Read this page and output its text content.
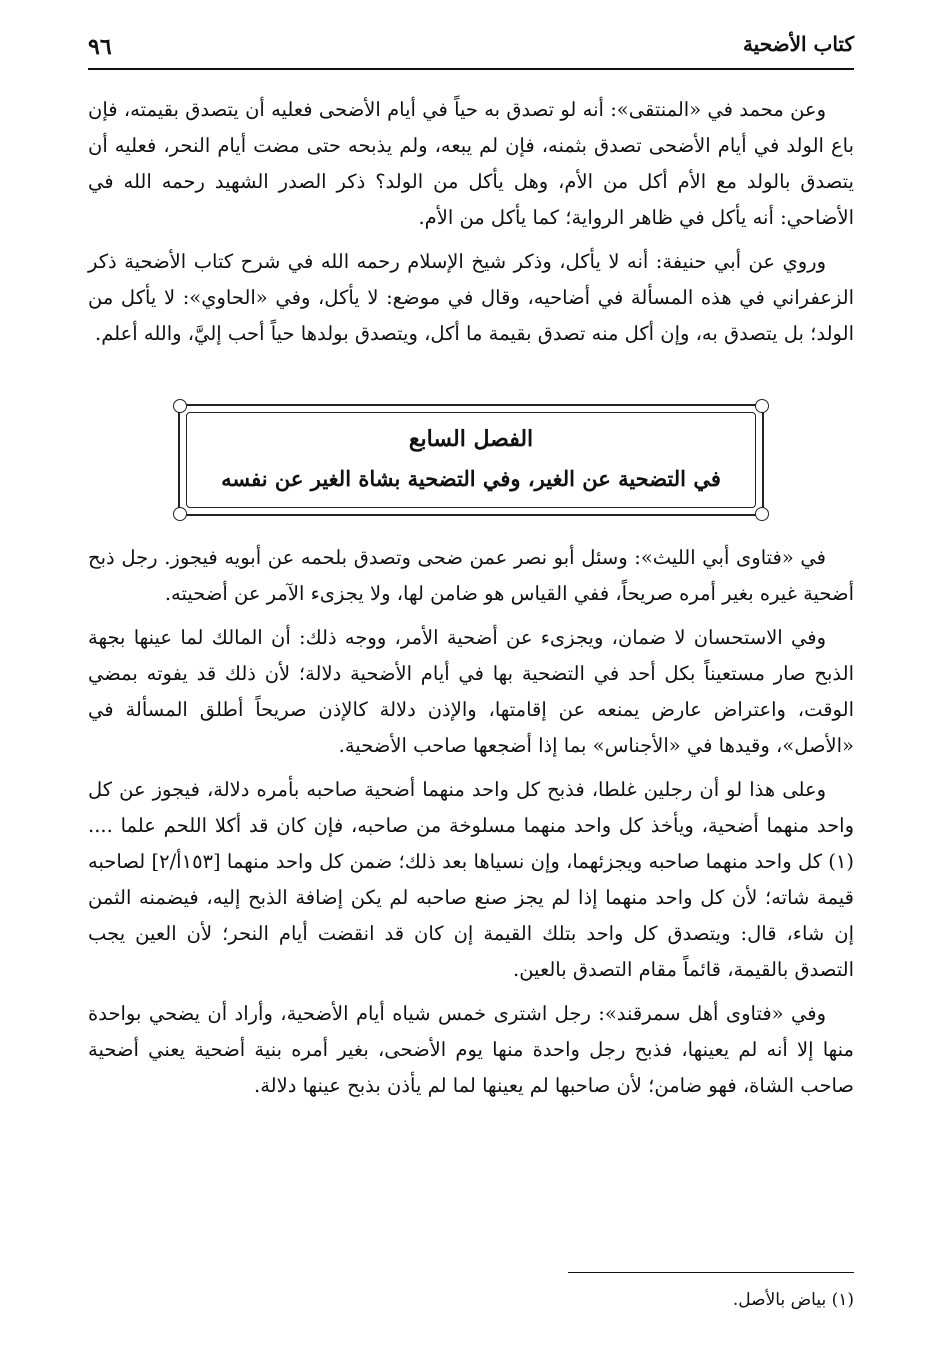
كتاب الأضحية
٩٦

وعن محمد في «المنتقى»: أنه لو تصدق به حياً في أيام الأضحى فعليه أن يتصدق بقيمته، فإن باع الولد في أيام الأضحى تصدق بثمنه، فإن لم يبعه، ولم يذبحه حتى مضت أيام النحر، فعليه أن يتصدق بالولد مع الأم أكل من الأم، وهل يأكل من الولد؟ ذكر الصدر الشهيد رحمه الله في الأضاحي: أنه يأكل في ظاهر الرواية؛ كما يأكل من الأم.

وروي عن أبي حنيفة: أنه لا يأكل، وذكر شيخ الإسلام رحمه الله في شرح كتاب الأضحية ذكر الزعفراني في هذه المسألة في أضاحيه، وقال في موضع: لا يأكل، وفي «الحاوي»: لا يأكل من الولد؛ بل يتصدق به، وإن أكل منه تصدق بقيمة ما أكل، ويتصدق بولدها حياً أحب إليَّ، والله أعلم.

الفصل السابع
في التضحية عن الغير، وفي التضحية بشاة الغير عن نفسه

في «فتاوى أبي الليث»: وسئل أبو نصر عمن ضحى وتصدق بلحمه عن أبويه فيجوز. رجل ذبح أضحية غيره بغير أمره صريحاً، ففي القياس هو ضامن لها، ولا يجزىء الآمر عن أضحيته.

وفي الاستحسان لا ضمان، ويجزىء عن أضحية الأمر، ووجه ذلك: أن المالك لما عينها بجهة الذبح صار مستعيناً بكل أحد في التضحية بها في أيام الأضحية دلالة؛ لأن ذلك قد يفوته بمضي الوقت، واعتراض عارض يمنعه عن إقامتها، والإذن دلالة كالإذن صريحاً أطلق المسألة في «الأصل»، وقيدها في «الأجناس» بما إذا أضجعها صاحب الأضحية.

وعلى هذا لو أن رجلين غلطا، فذبح كل واحد منهما أضحية صاحبه بأمره دلالة، فيجوز عن كل واحد منهما أضحية، ويأخذ كل واحد منهما مسلوخة من صاحبه، فإن كان قد أكلا اللحم علما .... (١) كل واحد منهما صاحبه ويجزئهما، وإن نسياها بعد ذلك؛ ضمن كل واحد منهما [١٥٣أ/٢] لصاحبه قيمة شاته؛ لأن كل واحد منهما إذا لم يجز صنع صاحبه لم يكن إضافة الذبح إليه، فيضمنه الثمن إن شاء، قال: ويتصدق كل واحد بتلك القيمة إن كان قد انقضت أيام النحر؛ لأن العين يجب التصدق بالقيمة، قائماً مقام التصدق بالعين.

وفي «فتاوى أهل سمرقند»: رجل اشترى خمس شياه أيام الأضحية، وأراد أن يضحي بواحدة منها إلا أنه لم يعينها، فذبح رجل واحدة منها يوم الأضحى، بغير أمره بنية أضحية يعني أضحية صاحب الشاة، فهو ضامن؛ لأن صاحبها لم يعينها لما لم يأذن بذبح عينها دلالة.

(١) بياض بالأصل.
